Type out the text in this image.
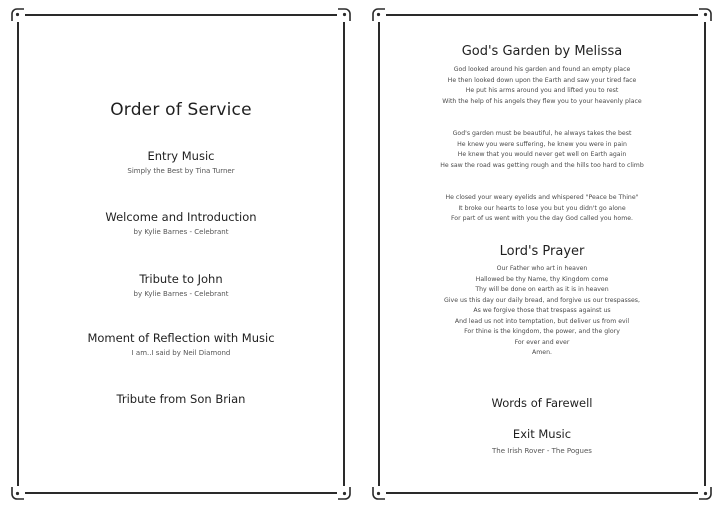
Order of Service
Entry Music
Simply the Best by Tina Turner
Welcome and Introduction
by Kylie Barnes - Celebrant
Tribute to John
by Kylie Barnes - Celebrant
Moment of Reflection with Music
I am..I said by Neil Diamond
Tribute from Son Brian
God's Garden by Melissa
God looked around his garden and found an empty place
He then looked down upon the Earth and saw your tired face
He put his arms around you and lifted you to rest
With the help of his angels they flew you to your heavenly place
God's garden must be beautiful, he always takes the best
He knew you were suffering, he knew you were in pain
He knew that you would never get well on Earth again
He saw the road was getting rough and the hills too hard to climb
He closed your weary eyelids and whispered "Peace be Thine"
It broke our hearts to lose you but you didn't go alone
For part of us went with you the day God called you home.
Lord's Prayer
Our Father who art in heaven
Hallowed be thy Name, thy Kingdom come
Thy will be done on earth as it is in heaven
Give us this day our daily bread, and forgive us our trespasses,
As we forgive those that trespass against us
And lead us not into temptation, but deliver us from evil
For thine is the kingdom, the power, and the glory
For ever and ever
Amen.
Words of Farewell
Exit Music
The Irish Rover - The Pogues
